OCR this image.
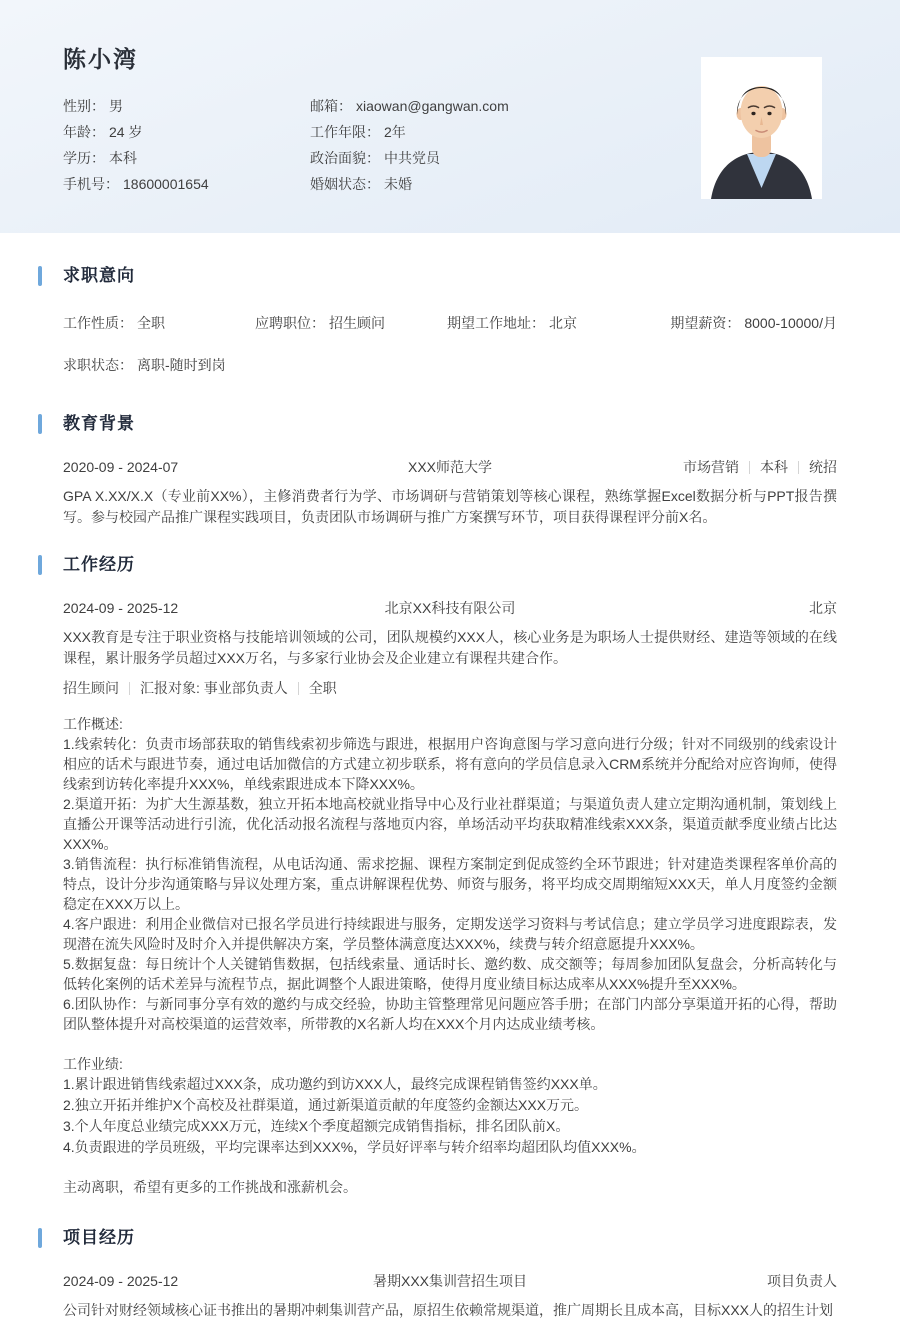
陈小湾
性别： 男	邮箱： xiaowan@gangwan.com
年龄： 24 岁	工作年限： 2年
学历： 本科	政治面貌： 中共党员
手机号： 18600001654	婚姻状态： 未婚
求职意向
工作性质： 全职	应聘职位： 招生顾问	期望工作地址： 北京	期望薪资： 8000-10000/月
求职状态： 离职-随时到岗
教育背景
2020-09 - 2024-07	XXX师范大学	市场营销 本科 统招

GPA X.XX/X.X（专业前XX%），主修消费者行为学、市场调研与营销策划等核心课程，熟练掌握Excel数据分析与PPT报告撰写。参与校园产品推广课程实践项目，负责团队市场调研与推广方案撰写环节，项目获得课程评分前X名。

工作经历
2024-09 - 2025-12	北京XX科技有限公司	北京

XXX教育是专注于职业资格与技能培训领域的公司，团队规模约XXX人，核心业务是为职场人士提供财经、建造等领域的在线课程，累计服务学员超过XXX万名，与多家行业协会及企业建立有课程共建合作。

招生顾问 汇报对象: 事业部负责人 全职
工作概述:
1.线索转化：负责市场部获取的销售线索初步筛选与跟进，根据用户咨询意图与学习意向进行分级；针对不同级别的线索设计相应的话术与跟进节奏，通过电话加微信的方式建立初步联系，将有意向的学员信息录入CRM系统并分配给对应咨询师，使得线索到访转化率提升XXX%，单线索跟进成本下降XXX%。
2.渠道开拓：为扩大生源基数，独立开拓本地高校就业指导中心及行业社群渠道；与渠道负责人建立定期沟通机制，策划线上直播公开课等活动进行引流，优化活动报名流程与落地页内容，单场活动平均获取精准线索XXX条，渠道贡献季度业绩占比达XXX%。
3.销售流程：执行标准销售流程，从电话沟通、需求挖掘、课程方案制定到促成签约全环节跟进；针对建造类课程客单价高的特点，设计分步沟通策略与异议处理方案，重点讲解课程优势、师资与服务，将平均成交周期缩短XXX天，单人月度签约金额稳定在XXX万以上。
4.客户跟进：利用企业微信对已报名学员进行持续跟进与服务，定期发送学习资料与考试信息；建立学员学习进度跟踪表，发现潜在流失风险时及时介入并提供解决方案，学员整体满意度达XXX%，续费与转介绍意愿提升XXX%。
5.数据复盘：每日统计个人关键销售数据，包括线索量、通话时长、邀约数、成交额等；每周参加团队复盘会，分析高转化与低转化案例的话术差异与流程节点，据此调整个人跟进策略，使得月度业绩目标达成率从XXX%提升至XXX%。
6.团队协作：与新同事分享有效的邀约与成交经验，协助主管整理常见问题应答手册；在部门内部分享渠道开拓的心得，帮助团队整体提升对高校渠道的运营效率，所带教的X名新人均在XXX个月内达成业绩考核。
工作业绩:
1.累计跟进销售线索超过XXX条，成功邀约到访XXX人，最终完成课程销售签约XXX单。
2.独立开拓并维护X个高校及社群渠道，通过新渠道贡献的年度签约金额达XXX万元。
3.个人年度总业绩完成XXX万元，连续X个季度超额完成销售指标，排名团队前X。
4.负责跟进的学员班级，平均完课率达到XXX%，学员好评率与转介绍率均超团队均值XXX%。
主动离职，希望有更多的工作挑战和涨薪机会。
项目经历
2024-09 - 2025-12	暑期XXX集训营招生项目	项目负责人

公司针对财经领域核心证书推出的暑期冲刺集训营产品，原招生依赖常规渠道，推广周期长且成本高，目标XXX人的招生计划
